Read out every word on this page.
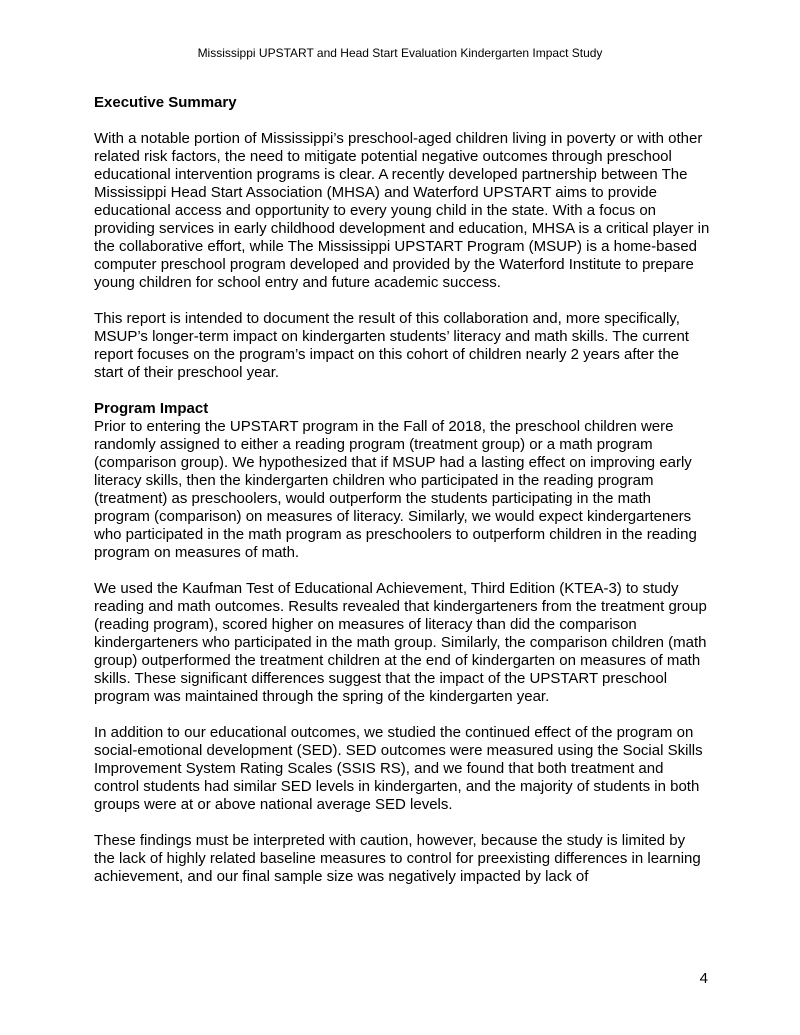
Mississippi UPSTART and Head Start Evaluation Kindergarten Impact Study
Executive Summary

With a notable portion of Mississippi’s preschool-aged children living in poverty or with other related risk factors, the need to mitigate potential negative outcomes through preschool educational intervention programs is clear. A recently developed partnership between The Mississippi Head Start Association (MHSA) and Waterford UPSTART aims to provide educational access and opportunity to every young child in the state. With a focus on providing services in early childhood development and education, MHSA is a critical player in the collaborative effort, while The Mississippi UPSTART Program (MSUP) is a home-based computer preschool program developed and provided by the Waterford Institute to prepare young children for school entry and future academic success.

This report is intended to document the result of this collaboration and, more specifically, MSUP’s longer-term impact on kindergarten students’ literacy and math skills. The current report focuses on the program’s impact on this cohort of children nearly 2 years after the start of their preschool year.

Program Impact

Prior to entering the UPSTART program in the Fall of 2018, the preschool children were randomly assigned to either a reading program (treatment group) or a math program (comparison group). We hypothesized that if MSUP had a lasting effect on improving early literacy skills, then the kindergarten children who participated in the reading program (treatment) as preschoolers, would outperform the students participating in the math program (comparison) on measures of literacy. Similarly, we would expect kindergarteners who participated in the math program as preschoolers to outperform children in the reading program on measures of math.

We used the Kaufman Test of Educational Achievement, Third Edition (KTEA-3) to study reading and math outcomes. Results revealed that kindergarteners from the treatment group (reading program), scored higher on measures of literacy than did the comparison kindergarteners who participated in the math group. Similarly, the comparison children (math group) outperformed the treatment children at the end of kindergarten on measures of math skills. These significant differences suggest that the impact of the UPSTART preschool program was maintained through the spring of the kindergarten year.

In addition to our educational outcomes, we studied the continued effect of the program on social-emotional development (SED). SED outcomes were measured using the Social Skills Improvement System Rating Scales (SSIS RS), and we found that both treatment and control students had similar SED levels in kindergarten, and the majority of students in both groups were at or above national average SED levels.

These findings must be interpreted with caution, however, because the study is limited by the lack of highly related baseline measures to control for preexisting differences in learning achievement, and our final sample size was negatively impacted by lack of

4
